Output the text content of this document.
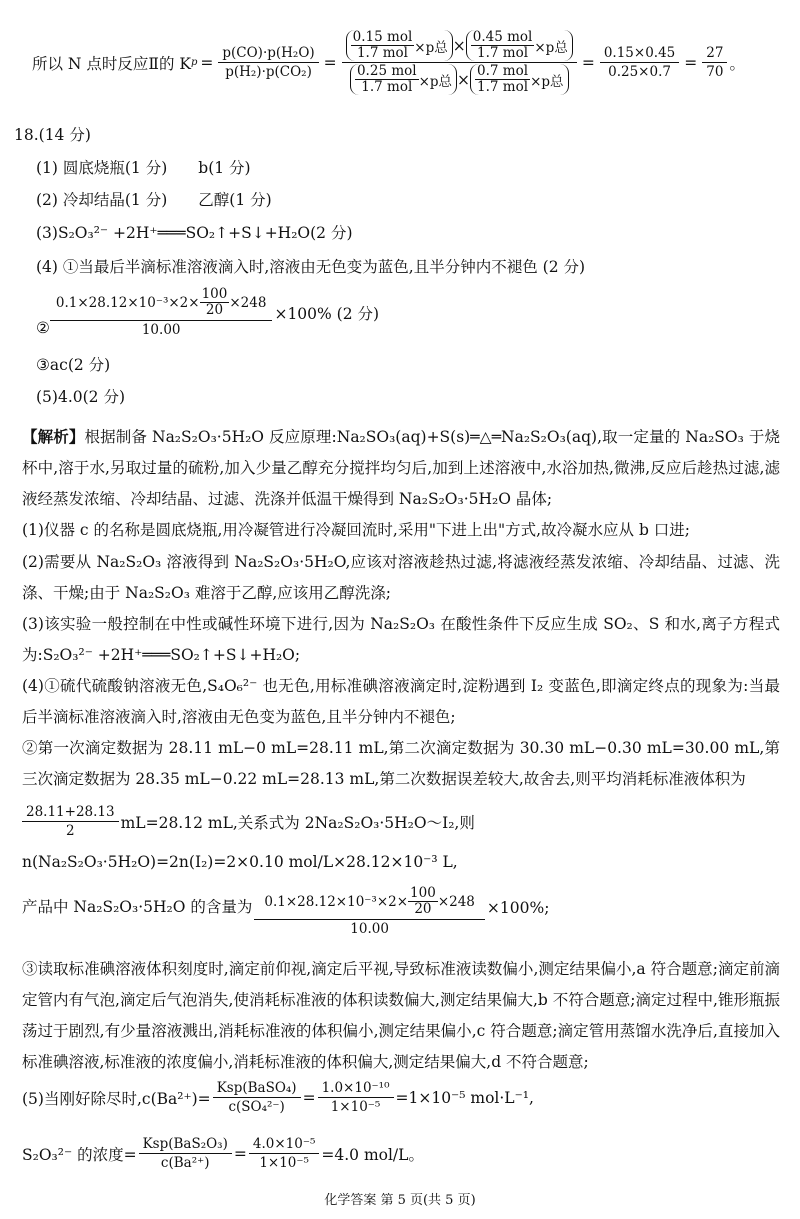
所以 N 点时反应Ⅱ的 K $p = \frac{\text{p(CO)·p(H₂O)}}{\text{p(H₂)·p(CO₂)}} = 0.15$ mol
1.7 mol ×p总 × 0.45 mol
1.7 mol ×p总
0.25 mol
1.7 mol ×p总 × 0.7 mol
1.7 mol ×p总 = $\frac{0.15\times 0.45}{0.25\times 0.7} = \frac{27}{70}$ 。
18.(14 分)
(1) 圆底烧瓶(1 分)　　b(1 分)
(2) 冷却结晶(1 分)　　乙醇(1 分)
(3)S₂O₃²⁻ +2H⁺═══SO₂↑+S↓+H₂O(2 分)
(4) ①当最后半滴标准溶液滴入时,溶液由无色变为蓝色,且半分钟内不褪色 (2 分)
② $\frac{0.1\times 28.12\times 10^{-3}\times 2\times \frac{100}{20} \times 248}{10.00} \times 100\%$ (2 分)
③ac(2 分)
(5)4.0(2 分)
【解析】根据制备 Na₂S₂O₃·5H₂O 反应原理:Na₂SO₃(aq)+S(s)═△═Na₂S₂O₃(aq),取一定量的 Na₂SO₃ 于烧杯中,溶于水,另取过量的硫粉,加入少量乙醇充分搅拌均匀后,加到上述溶液中,水浴加热,微沸,反应后趁热过滤,滤液经蒸发浓缩、冷却结晶、过滤、洗涤并低温干燥得到 Na₂S₂O₃·5H₂O 晶体;
(1)仪器 c 的名称是圆底烧瓶,用冷凝管进行冷凝回流时,采用"下进上出"方式,故冷凝水应从 b 口进;
(2)需要从 Na₂S₂O₃ 溶液得到 Na₂S₂O₃·5H₂O,应该对溶液趁热过滤,将滤液经蒸发浓缩、冷却结晶、过滤、洗涤、干燥;由于 Na₂S₂O₃ 难溶于乙醇,应该用乙醇洗涤;
(3)该实验一般控制在中性或碱性环境下进行,因为 Na₂S₂O₃ 在酸性条件下反应生成 SO₂、S 和水,离子方程式为:S₂O₃²⁻ +2H⁺═══SO₂↑+S↓+H₂O;
(4)①硫代硫酸钠溶液无色,S₄O₆²⁻ 也无色,用标准碘溶液滴定时,淀粉遇到 I₂ 变蓝色,即滴定终点的现象为:当最后半滴标准溶液滴入时,溶液由无色变为蓝色,且半分钟内不褪色;
②第一次滴定数据为 28.11 mL−0 mL=28.11 mL,第二次滴定数据为 30.30 mL−0.30 mL=30.00 mL,第三次滴定数据为 28.35 mL−0.22 mL=28.13 mL,第二次数据误差较大,故舍去,则平均消耗标准液体积为
$\frac{28.11+28.13}{2} mL=28.12$ mL,关系式为 2Na₂S₂O₃·5H₂O～I₂,则
n(Na₂S₂O₃·5H₂O)=2n(I₂)=2×0.10 mol/L×28.12×10⁻³ L,
产品中 Na₂S₂O₃·5H₂O 的含量为 $\frac{0.1\times 28.12\times 10^{-3}\times 2\times \frac{100}{20} \times 248}{10.00} \times 100\%$;
③读取标准碘溶液体积刻度时,滴定前仰视,滴定后平视,导致标准液读数偏小,测定结果偏小,a 符合题意;滴定前滴定管内有气泡,滴定后气泡消失,使消耗标准液的体积读数偏大,测定结果偏大,b 不符合题意;滴定过程中,锥形瓶振荡过于剧烈,有少量溶液溅出,消耗标准液的体积偏小,测定结果偏小,c 符合题意;滴定管用蒸馏水洗净后,直接加入标准碘溶液,标准液的浓度偏小,消耗标准液的体积偏大,测定结果偏大,d 不符合题意;
(5)当刚好除尽时$,c(Ba^{2+})= \frac{\text{Ksp(BaSO₄)}}{\text{c(SO₄²⁻)}} = \frac{\text{1.0×10⁻¹⁰}}{\text{1×10⁻⁵}} =1\times 10^{-5}$ mol·L⁻¹,
S₂O₃²⁻ 的浓度= $\frac{\text{Ksp(BaS₂O₃)}}{\text{c(Ba²⁺)}} = \frac{\text{4.0×10⁻⁵}}{\text{1×10⁻⁵}} =4.0$ mol/L。
化学答案 第 5 页(共 5 页)
